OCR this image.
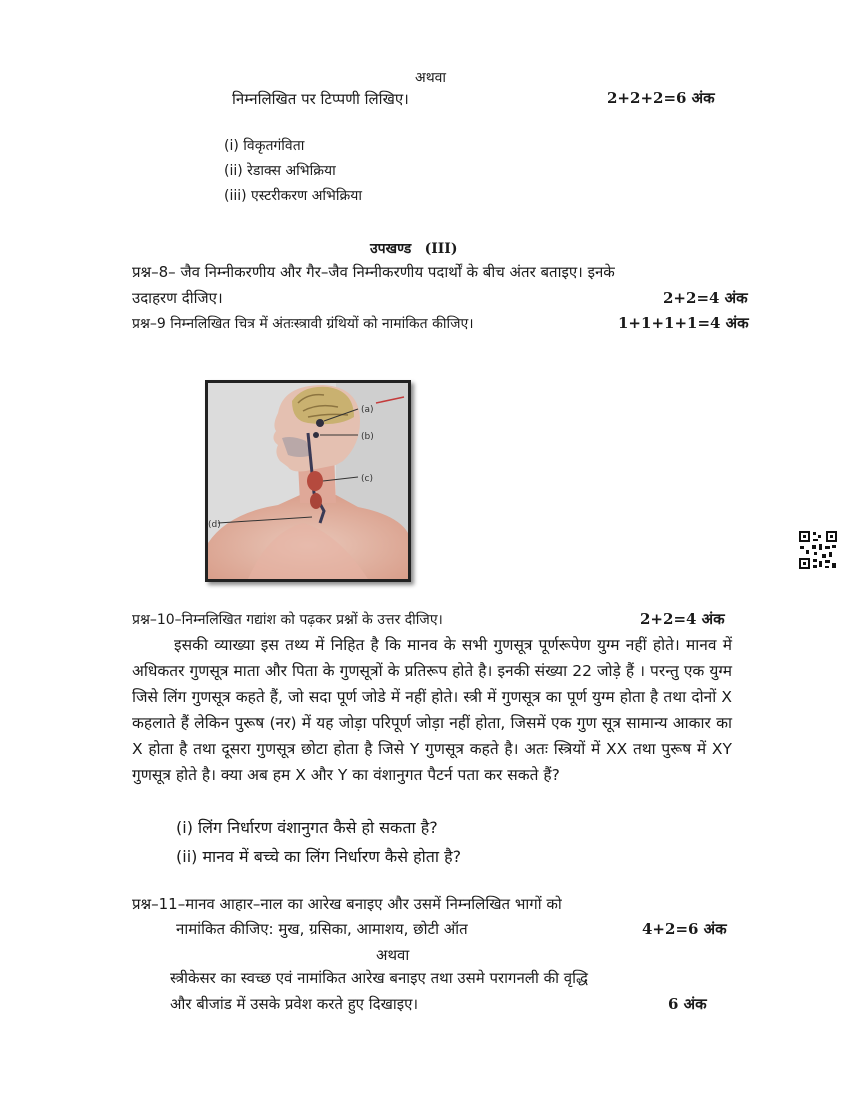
अथवा
निम्नलिखित पर टिप्पणी लिखिए।	2+2+2=6 अंक
(i) विकृतगंविता
(ii) रेडाक्स अभिक्रिया
(iii) एस्टरीकरण अभिक्रिया
उपखण्ड (III)
प्रश्न–8– जैव निम्नीकरणीय और गैर–जैव निम्नीकरणीय पदार्थों के बीच अंतर बताइए। इनके
उदाहरण दीजिए।	2+2=4 अंक
प्रश्न–9 निम्नलिखित चित्र में अंतःस्त्रावी ग्रंथियों को नामांकित कीजिए।	1+1+1+1=4 अंक
(a)
(b)
(c)
(d)
प्रश्न–10–निम्नलिखित गद्यांश को पढ़कर प्रश्नों के उत्तर दीजिए।	2+2=4 अंक

इसकी व्याख्या इस तथ्य में निहित है कि मानव के सभी गुणसूत्र पूर्णरूपेण युग्म नहीं होते। मानव में अधिकतर गुणसूत्र माता और पिता के गुणसूत्रों के प्रतिरूप होते है। इनकी संख्या 22 जोड़े हैं । परन्तु एक युग्म जिसे लिंग गुणसूत्र कहते हैं, जो सदा पूर्ण जोडे में नहीं होते। स्त्री में गुणसूत्र का पूर्ण युग्म होता है तथा दोनों X कहलाते हैं लेकिन पुरूष (नर) में यह जोड़ा परिपूर्ण जोड़ा नहीं होता, जिसमें एक गुण सूत्र सामान्य आकार का X होता है तथा दूसरा गुणसूत्र छोटा होता है जिसे Y गुणसूत्र कहते है। अतः स्त्रियों में XX तथा पुरूष में XY गुणसूत्र होते है। क्या अब हम X और Y का वंशानुगत पैटर्न पता कर सकते हैं?

(i) लिंग निर्धारण वंशानुगत कैसे हो सकता है?
(ii) मानव में बच्चे का लिंग निर्धारण कैसे होता है?
प्रश्न–11–मानव आहार–नाल का आरेख बनाइए और उसमें निम्नलिखित भागों को
नामांकित कीजिए: मुख, ग्रसिका, आमाशय, छोटी ऑत	4+2=6 अंक
अथवा
स्त्रीकेसर का स्वच्छ एवं नामांकित आरेख बनाइए तथा उसमे परागनली की वृद्धि
और बीजांड में उसके प्रवेश करते हुए दिखाइए।	6 अंक
